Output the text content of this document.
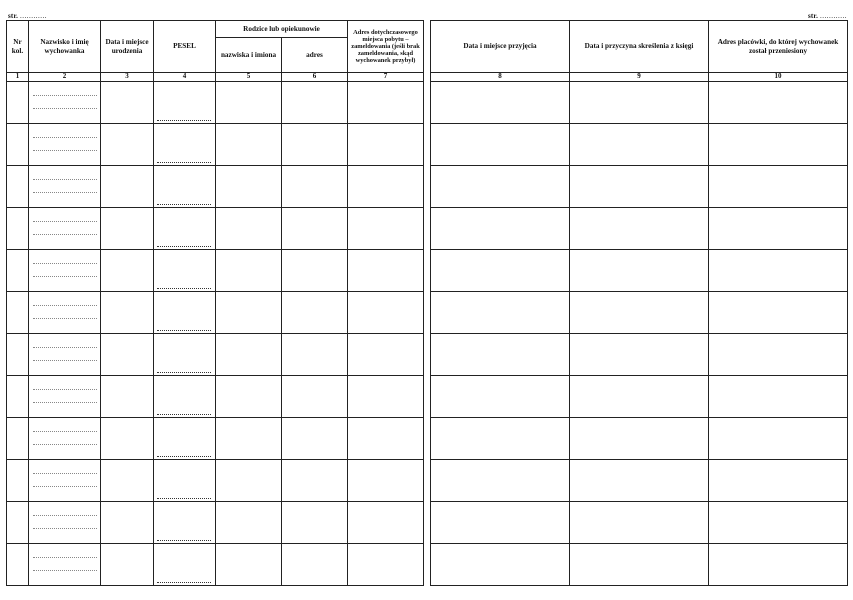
str. ............	str. ............
Nr kol.	Nazwisko i imię wychowanka	Data i miejsce urodzenia	PESEL	Rodzice lub opiekunowie		Adres dotychczasowego miejsca pobytu – zameldowania (jeśli brak zameldowania, skąd wychowanek przybył)
				nazwiska i imiona	adres	
1	2	3	4	5	6	7

Data i miejsce przyjęcia	Data i przyczyna skreślenia z księgi	Adres placówki, do której wychowanek został przeniesiony
8	9	10
